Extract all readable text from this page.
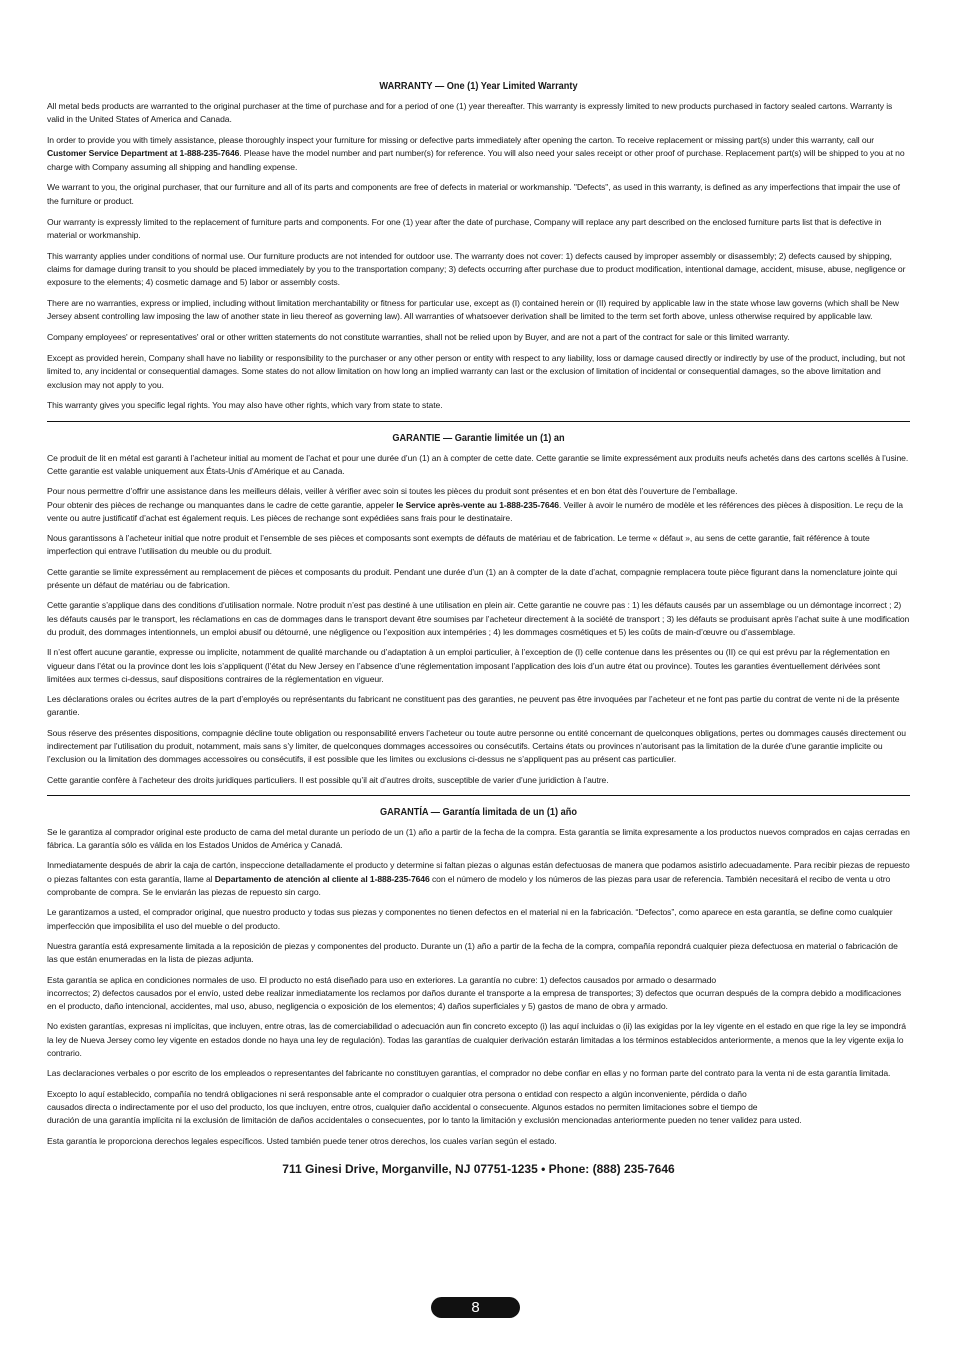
WARRANTY — One (1) Year Limited Warranty

All metal beds products are warranted to the original purchaser at the time of purchase and for a period of one (1) year thereafter. This warranty is expressly limited to new products purchased in factory sealed cartons. Warranty is valid in the United States of America and Canada.

In order to provide you with timely assistance, please thoroughly inspect your furniture for missing or defective parts immediately after opening the carton. To receive replacement or missing part(s) under this warranty, call our Customer Service Department at 1-888-235-7646. Please have the model number and part number(s) for reference. You will also need your sales receipt or other proof of purchase. Replacement part(s) will be shipped to you at no charge with Company assuming all shipping and handling expense.

We warrant to you, the original purchaser, that our furniture and all of its parts and components are free of defects in material or workmanship. "Defects", as used in this warranty, is defined as any imperfections that impair the use of the furniture or product.

Our warranty is expressly limited to the replacement of furniture parts and components. For one (1) year after the date of purchase, Company will replace any part described on the enclosed furniture parts list that is defective in material or workmanship.

This warranty applies under conditions of normal use. Our furniture products are not intended for outdoor use. The warranty does not cover: 1) defects caused by improper assembly or disassembly; 2) defects caused by shipping, claims for damage during transit to you should be placed immediately by you to the transportation company; 3) defects occurring after purchase due to product modification, intentional damage, accident, misuse, abuse, negligence or exposure to the elements; 4) cosmetic damage and 5) labor or assembly costs.

There are no warranties, express or implied, including without limitation merchantability or fitness for particular use, except as (I) contained herein or (II) required by applicable law in the state whose law governs (which shall be New Jersey absent controlling law imposing the law of another state in lieu thereof as governing law). All warranties of whatsoever derivation shall be limited to the term set forth above, unless otherwise required by applicable law.

Company employees' or representatives' oral or other written statements do not constitute warranties, shall not be relied upon by Buyer, and are not a part of the contract for sale or this limited warranty.

Except as provided herein, Company shall have no liability or responsibility to the purchaser or any other person or entity with respect to any liability, loss or damage caused directly or indirectly by use of the product, including, but not limited to, any incidental or consequential damages. Some states do not allow limitation on how long an implied warranty can last or the exclusion of limitation of incidental or consequential damages, so the above limitation and exclusion may not apply to you.

This warranty gives you specific legal rights. You may also have other rights, which vary from state to state.

GARANTIE — Garantie limitée un (1) an

Ce produit de lit en métal est garanti à l’acheteur initial au moment de l’achat et pour une durée d’un (1) an à compter de cette date. Cette garantie se limite expressément aux produits neufs achetés dans des cartons scellés à l’usine. Cette garantie est valable uniquement aux États-Unis d’Amérique et au Canada.

Pour nous permettre d’offrir une assistance dans les meilleurs délais, veiller à vérifier avec soin si toutes les pièces du produit sont présentes et en bon état dès l’ouverture de l’emballage.
Pour obtenir des pièces de rechange ou manquantes dans le cadre de cette garantie, appeler le Service après-vente au 1-888-235-7646. Veiller à avoir le numéro de modèle et les références des pièces à disposition. Le reçu de la vente ou autre justificatif d’achat est également requis. Les pièces de rechange sont expédiées sans frais pour le destinataire.

Nous garantissons à l’acheteur initial que notre produit et l’ensemble de ses pièces et composants sont exempts de défauts de matériau et de fabrication. Le terme « défaut », au sens de cette garantie, fait référence à toute imperfection qui entrave l’utilisation du meuble ou du produit.

Cette garantie se limite expressément au remplacement de pièces et composants du produit. Pendant une durée d’un (1) an à compter de la date d’achat, compagnie remplacera toute pièce figurant dans la nomenclature jointe qui présente un défaut de matériau ou de fabrication.

Cette garantie s’applique dans des conditions d’utilisation normale. Notre produit n’est pas destiné à une utilisation en plein air. Cette garantie ne couvre pas : 1) les défauts causés par un assemblage ou un démontage incorrect ; 2) les défauts causés par le transport, les réclamations en cas de dommages dans le transport devant être soumises par l’acheteur directement à la société de transport ; 3) les défauts se produisant après l’achat suite à une modification du produit, des dommages intentionnels, un emploi abusif ou détourné, une négligence ou l’exposition aux intempéries ; 4) les dommages cosmétiques et 5) les coûts de main-d’œuvre ou d’assemblage.

Il n’est offert aucune garantie, expresse ou implicite, notamment de qualité marchande ou d’adaptation à un emploi particulier, à l’exception de (I) celle contenue dans les présentes ou (II) ce qui est prévu par la réglementation en vigueur dans l’état ou la province dont les lois s’appliquent (l’état du New Jersey en l’absence d’une réglementation imposant l’application des lois d’un autre état ou province). Toutes les garanties éventuellement dérivées sont limitées aux termes ci-dessus, sauf dispositions contraires de la réglementation en vigueur.

Les déclarations orales ou écrites autres de la part d’employés ou représentants du fabricant ne constituent pas des garanties, ne peuvent pas être invoquées par l’acheteur et ne font pas partie du contrat de vente ni de la présente garantie.

Sous réserve des présentes dispositions, compagnie décline toute obligation ou responsabilité envers l’acheteur ou toute autre personne ou entité concernant de quelconques obligations, pertes ou dommages causés directement ou indirectement par l’utilisation du produit, notamment, mais sans s’y limiter, de quelconques dommages accessoires ou consécutifs. Certains états ou provinces n’autorisant pas la limitation de la durée d’une garantie implicite ou l’exclusion ou la limitation des dommages accessoires ou consécutifs, il est possible que les limites ou exclusions ci-dessus ne s’appliquent pas au présent cas particulier.

Cette garantie confère à l’acheteur des droits juridiques particuliers. Il est possible qu’il ait d’autres droits, susceptible de varier d’une juridiction à l’autre.

GARANTÍA — Garantía limitada de un (1) año

Se le garantiza al comprador original este producto de cama del metal durante un período de un (1) año a partir de la fecha de la compra. Esta garantía se limita expresamente a los productos nuevos comprados en cajas cerradas en fábrica. La garantía sólo es válida en los Estados Unidos de América y Canadá.

Inmediatamente después de abrir la caja de cartón, inspeccione detalladamente el producto y determine si faltan piezas o algunas están defectuosas de manera que podamos asistirlo adecuadamente. Para recibir piezas de repuesto o piezas faltantes con esta garantía, llame al Departamento de atención al cliente al 1-888-235-7646 con el número de modelo y los números de las piezas para usar de referencia. También necesitará el recibo de venta u otro comprobante de compra. Se le enviarán las piezas de repuesto sin cargo.

Le garantizamos a usted, el comprador original, que nuestro producto y todas sus piezas y componentes no tienen defectos en el material ni en la fabricación. “Defectos”, como aparece en esta garantía, se define como cualquier imperfección que imposibilita el uso del mueble o del producto.

Nuestra garantía está expresamente limitada a la reposición de piezas y componentes del producto. Durante un (1) año a partir de la fecha de la compra, compañía repondrá cualquier pieza defectuosa en material o fabricación de las que están enumeradas en la lista de piezas adjunta.

Esta garantía se aplica en condiciones normales de uso. El producto no está diseñado para uso en exteriores. La garantía no cubre: 1) defectos causados por armado o desarmado
incorrectos; 2) defectos causados por el envío, usted debe realizar inmediatamente los reclamos por daños durante el transporte a la empresa de transportes; 3) defectos que ocurran después de la compra debido a modificaciones en el producto, daño intencional, accidentes, mal uso, abuso, negligencia o exposición de los elementos; 4) daños superficiales y 5) gastos de mano de obra y armado.

No existen garantías, expresas ni implícitas, que incluyen, entre otras, las de comerciabilidad o adecuación aun fin concreto excepto (i) las aquí incluidas o (ii) las exigidas por la ley vigente en el estado en que rige la ley se impondrá la ley de Nueva Jersey como ley vigente en estados donde no haya una ley de regulación). Todas las garantías de cualquier derivación estarán limitadas a los términos establecidos anteriormente, a menos que la ley vigente exija lo contrario.

Las declaraciones verbales o por escrito de los empleados o representantes del fabricante no constituyen garantías, el comprador no debe confiar en ellas y no forman parte del contrato para la venta ni de esta garantía limitada.

Excepto lo aquí establecido, compañía no tendrá obligaciones ni será responsable ante el comprador o cualquier otra persona o entidad con respecto a algún inconveniente, pérdida o daño
causados directa o indirectamente por el uso del producto, los que incluyen, entre otros, cualquier daño accidental o consecuente. Algunos estados no permiten limitaciones sobre el tiempo de
duración de una garantía implícita ni la exclusión de limitación de daños accidentales o consecuentes, por lo tanto la limitación y exclusión mencionadas anteriormente pueden no tener validez para usted.

Esta garantía le proporciona derechos legales específicos. Usted también puede tener otros derechos, los cuales varían según el estado.

711 Ginesi Drive, Morganville, NJ 07751-1235 • Phone: (888) 235-7646
8
